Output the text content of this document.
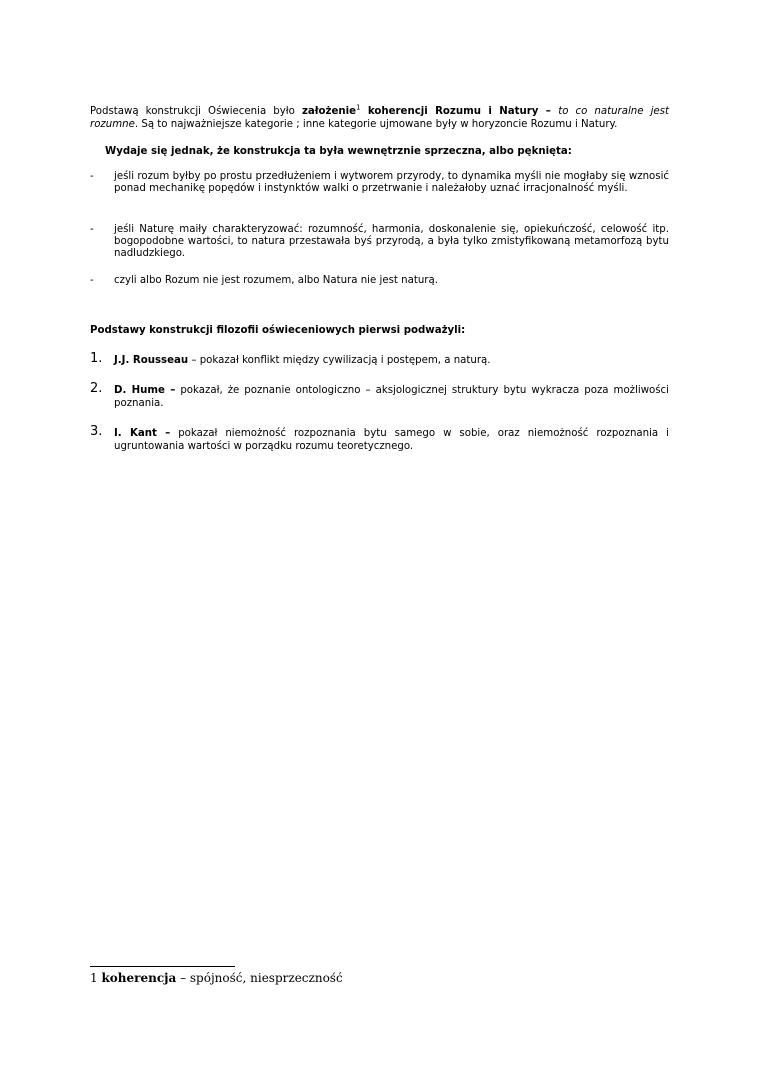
Podstawą konstrukcji Oświecenia było założenie$^1$ koherencji Rozumu i Natury – to co naturalne jest rozumne. Są to najważniejsze kategorie ; inne kategorie ujmowane były w horyzoncie Rozumu i Natury.

Wydaje się jednak, że konstrukcja ta była wewnętrznie sprzeczna, albo pęknięta:
- jeśli rozum byłby po prostu przedłużeniem i wytworem przyrody, to dynamika myśli nie mogłaby się wznosić ponad mechanikę popędów i instynktów walki o przetrwanie i należałoby uznać irracjonalność myśli.
- jeśli Naturę maiły charakteryzować: rozumność, harmonia, doskonalenie się, opiekuńczość, celowość itp. bogopodobne wartości, to natura przestawała byś przyrodą, a była tylko zmistyfikowaną metamorfozą bytu nadludzkiego.
- czyli albo Rozum nie jest rozumem, albo Natura nie jest naturą.
Podstawy konstrukcji filozofii oświeceniowych pierwsi podważyli:
1. J.J. Rousseau – pokazał konflikt między cywilizacją i postępem, a naturą.
2. D. Hume – pokazał, że poznanie ontologiczno – aksjologicznej struktury bytu wykracza poza możliwości poznania.
3. I. Kant – pokazał niemożność rozpoznania bytu samego w sobie, oraz niemożność rozpoznania i ugruntowania wartości w porządku rozumu teoretycznego.
1 koherencja – spójność, niesprzeczność
